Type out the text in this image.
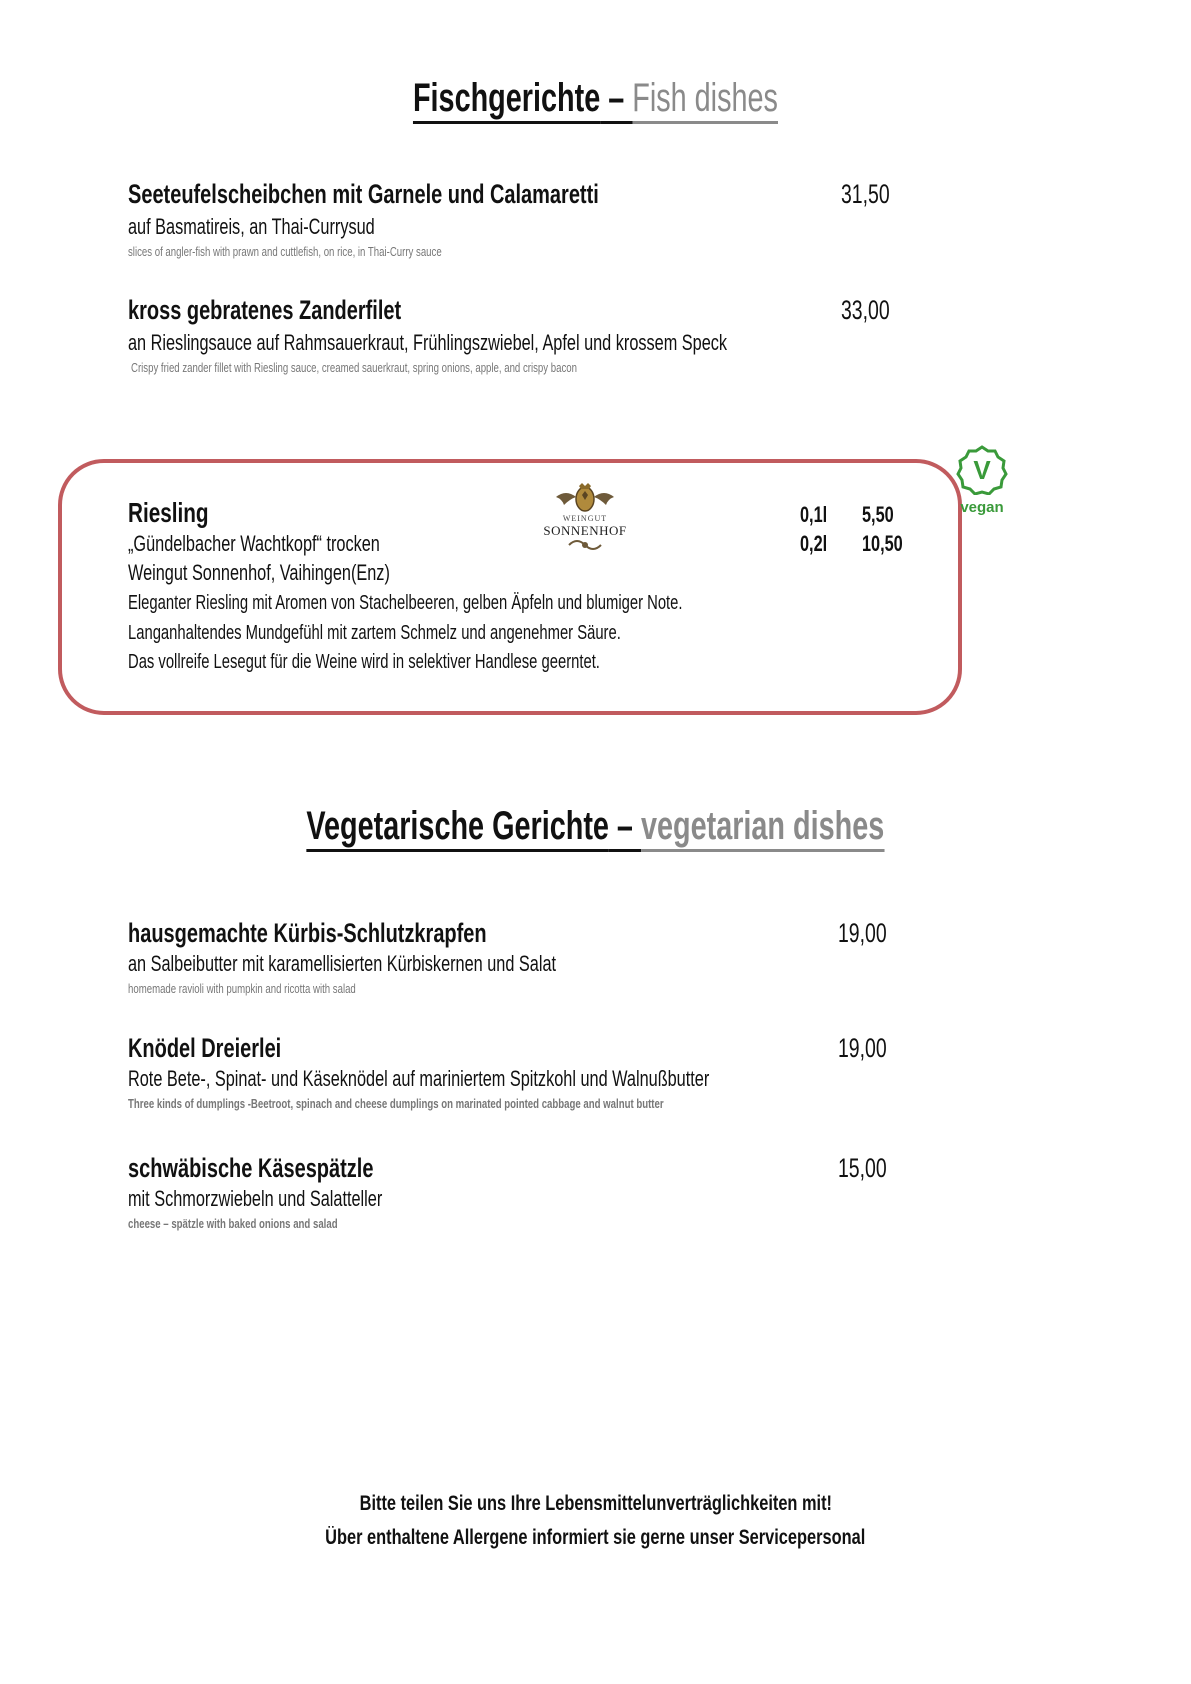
Fischgerichte – Fish dishes
Seeteufelscheibchen mit Garnele und Calamaretti
auf Basmatireis, an Thai-Currysud
slices of angler-fish with prawn and cuttlefish, on rice, in Thai-Curry sauce
31,50
kross gebratenes Zanderfilet
an Rieslingsauce auf Rahmsauerkraut, Frühlingszwiebel, Apfel und krossem Speck
Crispy fried zander fillet with Riesling sauce, creamed sauerkraut, spring onions, apple, and crispy bacon
33,00
V
vegan
Riesling	WEINGUT
SONNENHOF
„Gündelbacher Wachtkopf“ trocken
Weingut Sonnenhof, Vaihingen(Enz)
Eleganter Riesling mit Aromen von Stachelbeeren, gelben Äpfeln und blumiger Note.
Langanhaltendes Mundgefühl mit zartem Schmelz und angenehmer Säure.
Das vollreife Lesegut für die Weine wird in selektiver Handlese geerntet.
0,1l	5,50
0,2l	10,50
Vegetarische Gerichte – vegetarian dishes
hausgemachte Kürbis-Schlutzkrapfen
an Salbeibutter mit karamellisierten Kürbiskernen und Salat
homemade ravioli with pumpkin and ricotta with salad
19,00
Knödel Dreierlei
Rote Bete-, Spinat- und Käseknödel auf mariniertem Spitzkohl und Walnußbutter
Three kinds of dumplings -Beetroot, spinach and cheese dumplings on marinated pointed cabbage and walnut butter
19,00
schwäbische Käsespätzle
mit Schmorzwiebeln und Salatteller
cheese – spätzle with baked onions and salad
15,00
Bitte teilen Sie uns Ihre Lebensmittelunverträglichkeiten mit!
Über enthaltene Allergene informiert sie gerne unser Servicepersonal
